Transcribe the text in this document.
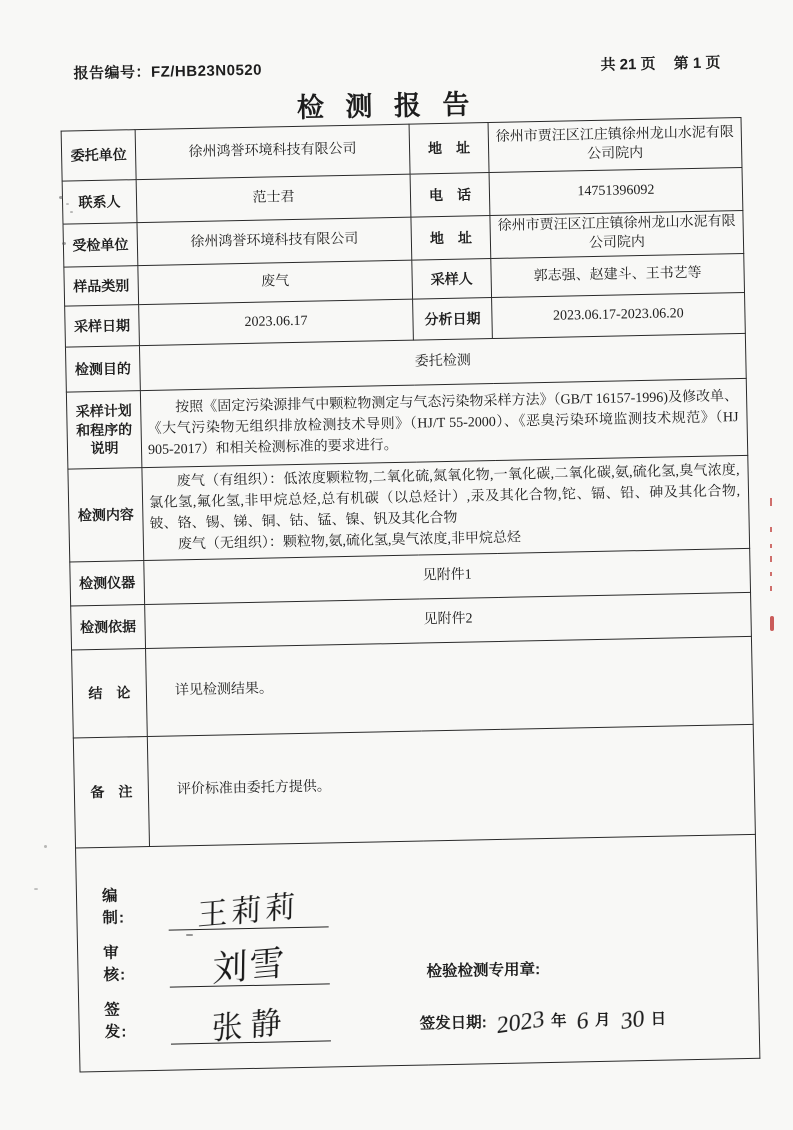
报告编号：FZ/HB23N0520	共 21 页 第 1 页
检 测 报 告
委托单位	徐州鸿誉环境科技有限公司	地　址	徐州市贾汪区江庄镇徐州龙山水泥有限公司院内
联系人	范士君	电　话	14751396092
受检单位	徐州鸿誉环境科技有限公司	地　址	徐州市贾汪区江庄镇徐州龙山水泥有限公司院内
样品类别	废气	采样人	郭志强、赵建斗、王书艺等
采样日期	2023.06.17	分析日期	2023.06.17-2023.06.20
检测目的	委托检测		
采样计划和程序的说明	按照《固定污染源排气中颗粒物测定与气态污染物采样方法》（GB/T 16157-1996)及修改单、《大气污染物无组织排放检测技术导则》（HJ/T 55-2000）、《恶臭污染环境监测技术规范》（HJ 905-2017）和相关检测标准的要求进行。		

检测内容	废气（有组织）：低浓度颗粒物,二氧化硫,氮氧化物,一氧化碳,二氧化碳,氨,硫化氢,臭气浓度,氯化氢,氟化氢,非甲烷总烃,总有机碳（以总烃计）,汞及其化合物,铊、镉、铅、砷及其化合物,铍、铬、锡、锑、铜、钴、锰、镍、钒及其化合物

废气（无组织）：颗粒物,氨,硫化氢,臭气浓度,非甲烷总烃		

检测仪器	见附件1		
检测依据	见附件2		
结　论	详见检测结果。		
备　注	评价标准由委托方提供。		

编　制:	王莉莉
审　核:	刘雪
签　发:	张静
检验检测专用章:
签发日期: 2023 年 6 月 30 日
